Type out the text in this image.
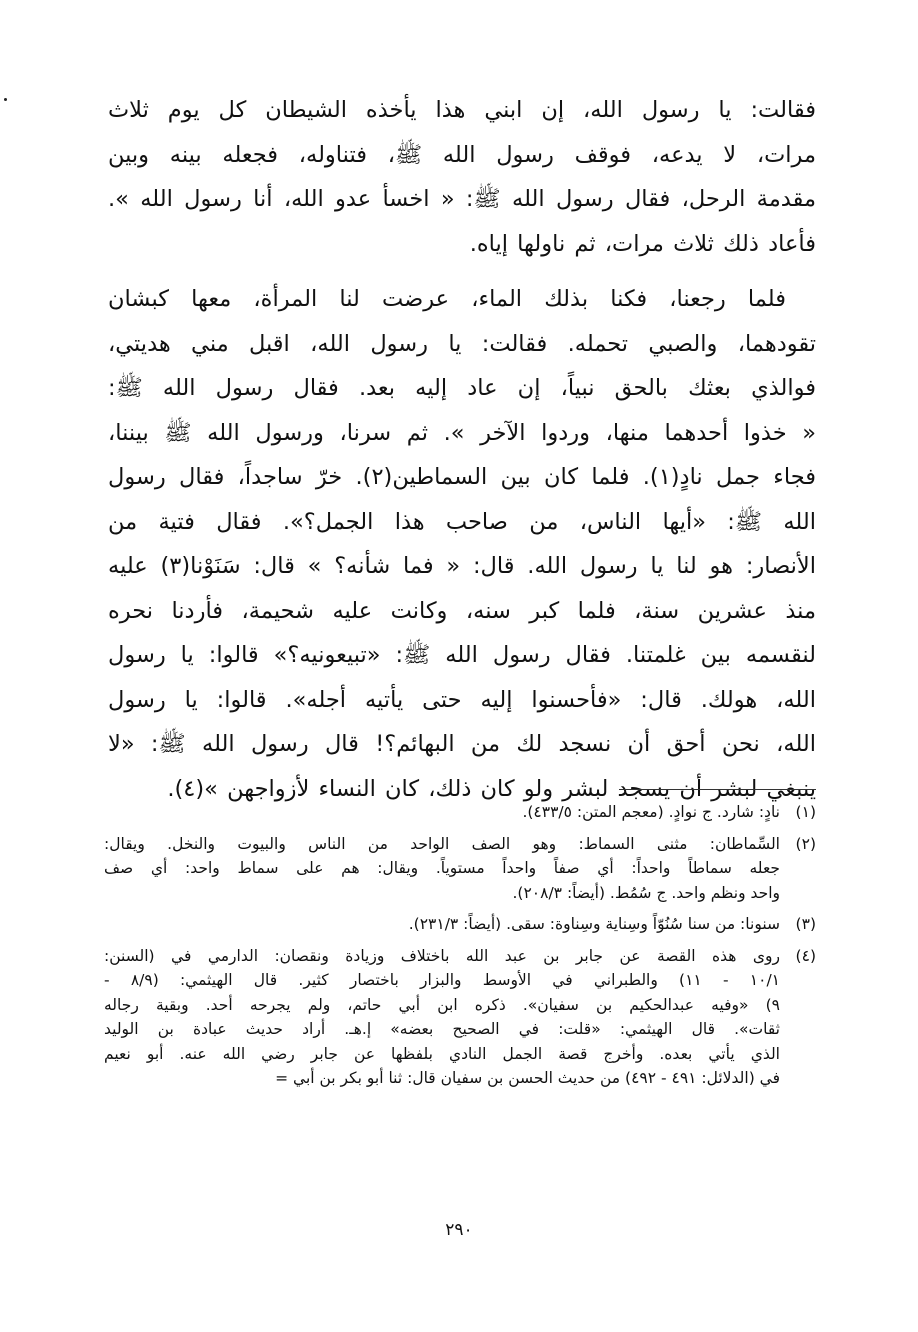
فقالت: يا رسول الله، إن ابني هذا يأخذه الشيطان كل يوم ثلاث
مرات، لا يدعه، فوقف رسول الله ﷺ، فتناوله، فجعله بينه وبين
مقدمة الرحل، فقال رسول الله ﷺ: « اخسأ عدو الله، أنا رسول الله ».
فأعاد ذلك ثلاث مرات، ثم ناولها إياه.

فلما رجعنا، فكنا بذلك الماء، عرضت لنا المرأة، معها كبشان
تقودهما، والصبي تحمله. فقالت: يا رسول الله، اقبل مني هديتي،
فوالذي بعثك بالحق نبياً، إن عاد إليه بعد. فقال رسول الله ﷺ:
« خذوا أحدهما منها، وردوا الآخر ». ثم سرنا، ورسول الله ﷺ بيننا،
فجاء جمل نادٍ(١). فلما كان بين السماطين(٢). خرّ ساجداً، فقال رسول
الله ﷺ: «أيها الناس، من صاحب هذا الجمل؟». فقال فتية من
الأنصار: هو لنا يا رسول الله. قال: « فما شأنه؟ » قال: سَنَوْنا(٣) عليه
منذ عشرين سنة، فلما كبر سنه، وكانت عليه شحيمة، فأردنا نحره
لنقسمه بين غلمتنا. فقال رسول الله ﷺ: «تبيعونيه؟» قالوا: يا رسول
الله، هولك. قال: «فأحسنوا إليه حتى يأتيه أجله». قالوا: يا رسول
الله، نحن أحق أن نسجد لك من البهائم؟! قال رسول الله ﷺ: «لا
ينبغي لبشر أن يسجد لبشر ولو كان ذلك، كان النساء لأزواجهن »(٤).

(١)
نادٍ: شارد. ج نوادٍ. (معجم المتن: ٤٣٣/٥).
(٢)
السِّماطان: مثنى السماط: وهو الصف الواحد من الناس والبيوت والنخل. ويقال:
جعله سماطاً واحداً: أي صفاً واحداً مستوياً. ويقال: هم على سماط واحد: أي صف
واحد ونظم واحد. ج سُمُط. (أيضاً: ٢٠٨/٣).
(٣)
سنونا: من سنا سُنُوّاً وسِناية وسِناوة: سقى. (أيضاً: ٢٣١/٣).
(٤)
روى هذه القصة عن جابر بن عبد الله باختلاف وزيادة ونقصان: الدارمي في (السنن:
١٠/١ - ١١) والطبراني في الأوسط والبزار باختصار كثير. قال الهيثمي: (٨/٩ -
٩) «وفيه عبدالحكيم بن سفيان». ذكره ابن أبي حاتم، ولم يجرحه أحد. وبقية رجاله
ثقات». قال الهيثمي: «قلت: في الصحيح بعضه» إ.هـ. أراد حديث عبادة بن الوليد
الذي يأتي بعده. وأخرج قصة الجمل النادي بلفظها عن جابر رضي الله عنه. أبو نعيم
في (الدلائل: ٤٩١ - ٤٩٢) من حديث الحسن بن سفيان قال: ثنا أبو بكر بن أبي =
٢٩٠
